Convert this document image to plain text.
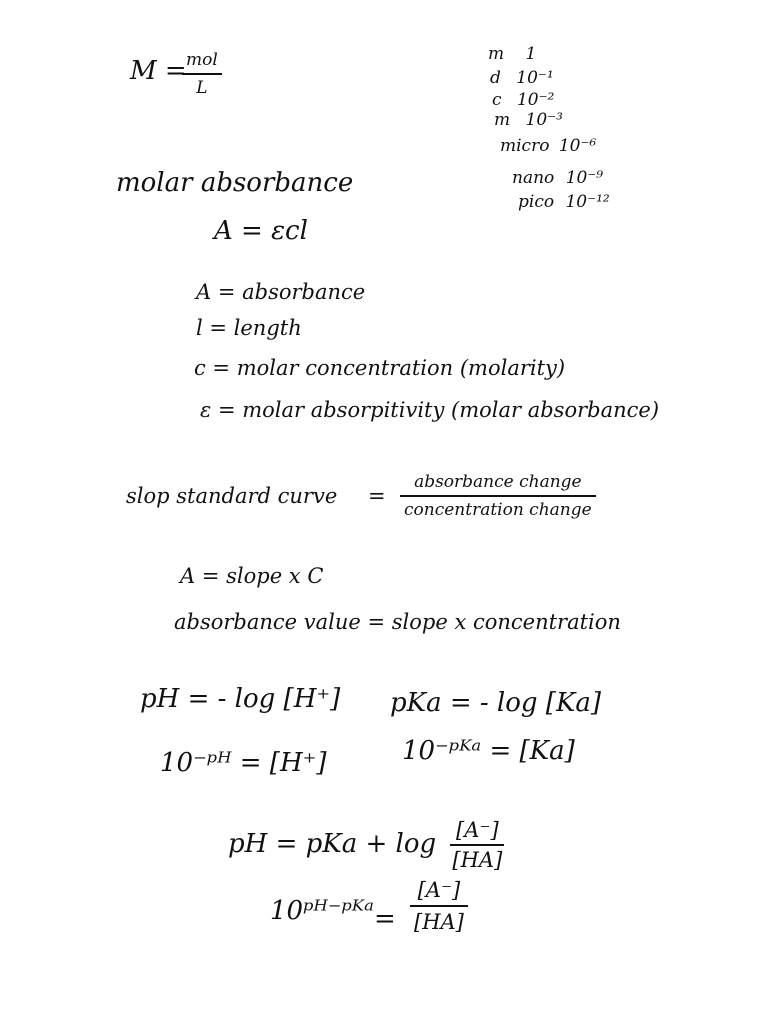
M = mol
L
m 1
d 10⁻¹
c 10⁻²
m 10⁻³
micro 10⁻⁶
nano 10⁻⁹
pico 10⁻¹²
molar absorbance
A = εcl
A = absorbance
l = length
c = molar concentration (molarity)
ε = molar absorpitivity (molar absorbance)
slop standard curve =
absorbance change
concentration change
A = slope x C
absorbance value = slope x concentration
pH = - log [H⁺] pKa = - log [Ka]
10⁻ᵖᴴ = [H⁺]	10⁻ᵖᴷᵃ = [Ka]
pH = pKa + $\log \frac{[A^-]}{[HA]}$
10ᵖᴴ⁻ᵖᴷᵃ =
[A⁻]
[HA]
